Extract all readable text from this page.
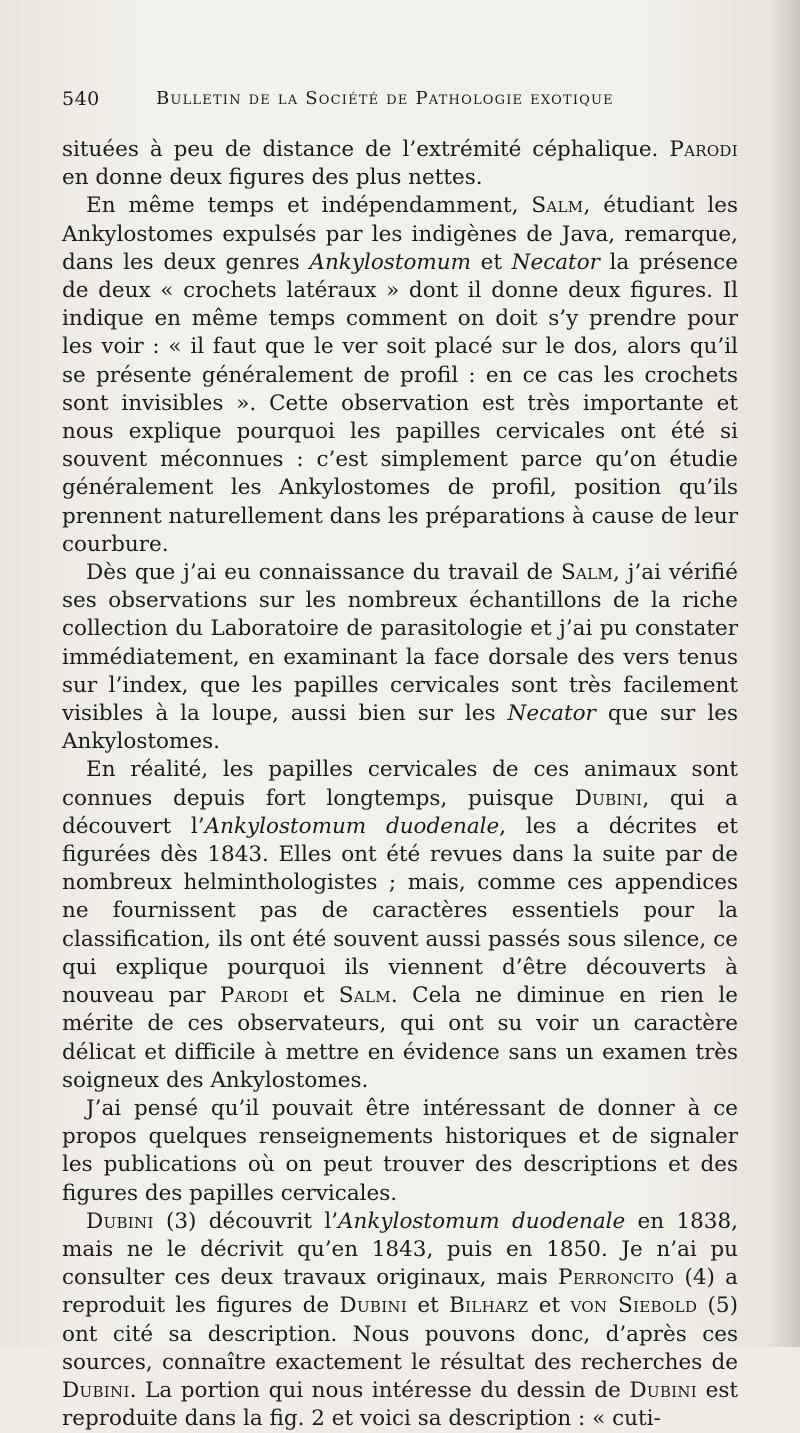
540	Bulletin de la Société de Pathologie exotique

situées à peu de distance de l’extrémité céphalique. Parodi en donne deux figures des plus nettes.

En même temps et indépendamment, Salm, étudiant les Ankylostomes expulsés par les indigènes de Java, remarque, dans les deux genres Ankylostomum et Necator la présence de deux « crochets latéraux » dont il donne deux figures. Il indique en même temps comment on doit s’y prendre pour les voir : « il faut que le ver soit placé sur le dos, alors qu’il se présente généralement de profil : en ce cas les crochets sont invisibles ». Cette observation est très importante et nous explique pourquoi les papilles cervicales ont été si souvent méconnues : c’est simplement parce qu’on étudie généralement les Ankylostomes de profil, position qu’ils prennent naturellement dans les préparations à cause de leur courbure.

Dès que j’ai eu connaissance du travail de Salm, j’ai vérifié ses observations sur les nombreux échantillons de la riche collection du Laboratoire de parasitologie et j’ai pu constater immédiatement, en examinant la face dorsale des vers tenus sur l’index, que les papilles cervicales sont très facilement visibles à la loupe, aussi bien sur les Necator que sur les Ankylostomes.

En réalité, les papilles cervicales de ces animaux sont connues depuis fort longtemps, puisque Dubini, qui a découvert l’Ankylostomum duodenale, les a décrites et figurées dès 1843. Elles ont été revues dans la suite par de nombreux helminthologistes ; mais, comme ces appendices ne fournissent pas de caractères essentiels pour la classification, ils ont été souvent aussi passés sous silence, ce qui explique pourquoi ils viennent d’être découverts à nouveau par Parodi et Salm. Cela ne diminue en rien le mérite de ces observateurs, qui ont su voir un caractère délicat et difficile à mettre en évidence sans un examen très soigneux des Ankylostomes.

J’ai pensé qu’il pouvait être intéressant de donner à ce propos quelques renseignements historiques et de signaler les publications où on peut trouver des descriptions et des figures des papilles cervicales.

Dubini (3) découvrit l’Ankylostomum duodenale en 1838, mais ne le décrivit qu’en 1843, puis en 1850. Je n’ai pu consulter ces deux travaux originaux, mais Perroncito (4) a reproduit les figures de Dubini et Bilharz et von Siebold (5) ont cité sa description. Nous pouvons donc, d’après ces sources, connaître exactement le résultat des recherches de Dubini. La portion qui nous intéresse du dessin de Dubini est reproduite dans la fig. 2 et voici sa description : « cuti-
